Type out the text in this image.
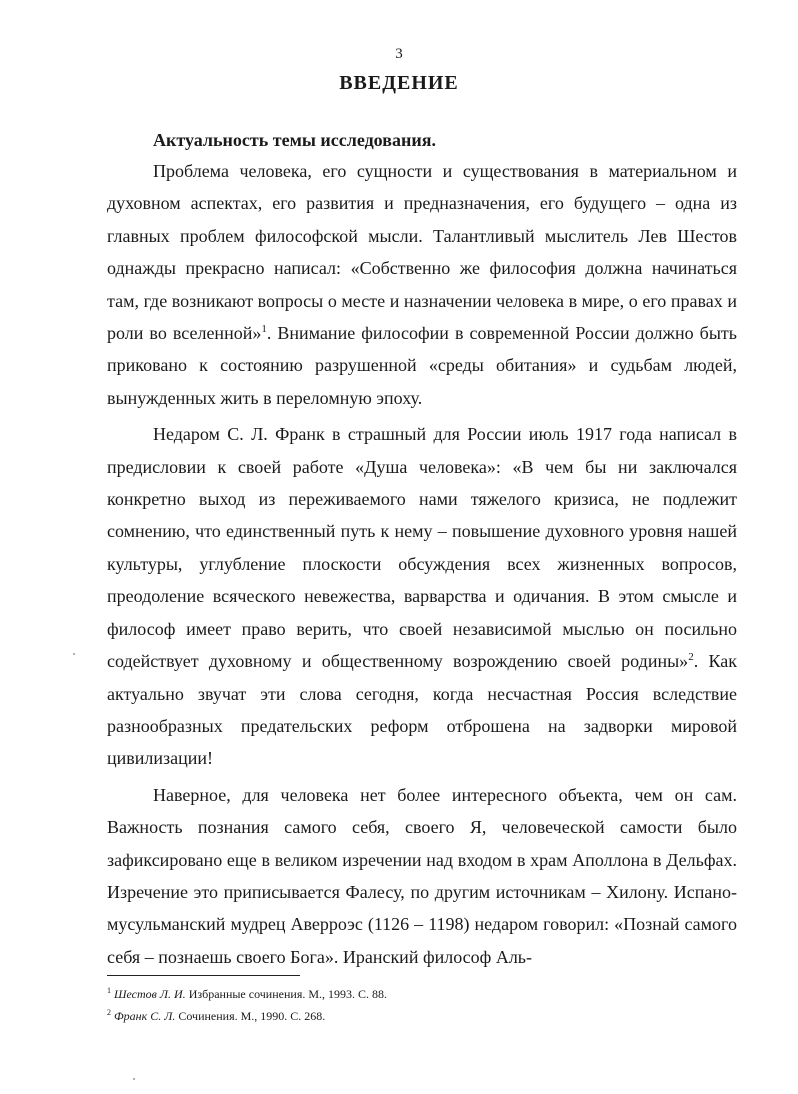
3
ВВЕДЕНИЕ

Актуальность темы исследования.

Проблема человека, его сущности и существования в материальном и духовном аспектах, его развития и предназначения, его будущего – одна из главных проблем философской мысли. Талантливый мыслитель Лев Шестов однажды прекрасно написал: «Собственно же философия должна начинаться там, где возникают вопросы о месте и назначении человека в мире, о его правах и роли во вселенной»$^1$. Внимание философии в современной России должно быть приковано к состоянию разрушенной «среды обитания» и судьбам людей, вынужденных жить в переломную эпоху.

Недаром С. Л. Франк в страшный для России июль 1917 года написал в предисловии к своей работе «Душа человека»: «В чем бы ни заключался конкретно выход из переживаемого нами тяжелого кризиса, не подлежит сомнению, что единственный путь к нему – повышение духовного уровня нашей культуры, углубление плоскости обсуждения всех жизненных вопросов, преодоление всяческого невежества, варварства и одичания. В этом смысле и философ имеет право верить, что своей независимой мыслью он посильно содействует духовному и общественному возрождению своей родины»$^2$. Как актуально звучат эти слова сегодня, когда несчастная Россия вследствие разнообразных предательских реформ отброшена на задворки мировой цивилизации!

Наверное, для человека нет более интересного объекта, чем он сам. Важность познания самого себя, своего Я, человеческой самости было зафиксировано еще в великом изречении над входом в храм Аполлона в Дельфах. Изречение это приписывается Фалесу, по другим источникам – Хилону. Испано-мусульманский мудрец Аверроэс (1126 – 1198) недаром говорил: «Познай самого себя – познаешь своего Бога». Иранский философ Аль-

$^1$ Шестов Л. И. Избранные сочинения. М., 1993. С. 88.

$^2$ Франк С. Л. Сочинения. М., 1990. С. 268.
